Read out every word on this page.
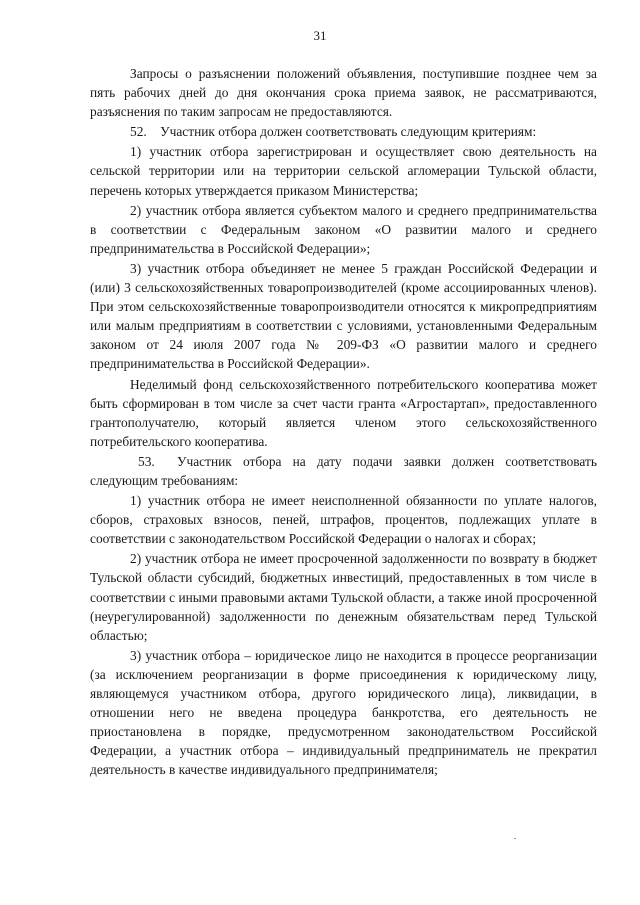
31

Запросы о разъяснении положений объявления, поступившие позднее чем за пять рабочих дней до дня окончания срока приема заявок, не рассматриваются, разъяснения по таким запросам не предоставляются.

52.    Участник отбора должен соответствовать следующим критериям:

1) участник отбора зарегистрирован и осуществляет свою деятельность на сельской территории или на территории сельской агломерации Тульской области, перечень которых утверждается приказом Министерства;

2) участник отбора является субъектом малого и среднего предпринимательства в соответствии с Федеральным законом «О развитии малого и среднего предпринимательства в Российской Федерации»;

3) участник отбора объединяет не менее 5 граждан Российской Федерации и (или) 3 сельскохозяйственных товаропроизводителей (кроме ассоциированных членов). При этом сельскохозяйственные товаропроизводители относятся к микропредприятиям или малым предприятиям в соответствии с условиями, установленными Федеральным законом от 24 июля 2007 года № 209-ФЗ «О развитии малого и среднего предпринимательства в Российской Федерации».

Неделимый фонд сельскохозяйственного потребительского кооператива может быть сформирован в том числе за счет части гранта «Агростартап», предоставленного грантополучателю, который является членом этого сельскохозяйственного потребительского кооператива.

53.  Участник отбора на дату подачи заявки должен соответствовать следующим требованиям:

1) участник отбора не имеет неисполненной обязанности по уплате налогов, сборов, страховых взносов, пеней, штрафов, процентов, подлежащих уплате в соответствии с законодательством Российской Федерации о налогах и сборах;

2) участник отбора не имеет просроченной задолженности по возврату в бюджет Тульской области субсидий, бюджетных инвестиций, предоставленных в том числе в соответствии с иными правовыми актами Тульской области, а также иной просроченной (неурегулированной) задолженности по денежным обязательствам перед Тульской областью;

3) участник отбора – юридическое лицо не находится в процессе реорганизации (за исключением реорганизации в форме присоединения к юридическому лицу, являющемуся участником отбора, другого юридического лица), ликвидации, в отношении него не введена процедура банкротства, его деятельность не приостановлена в порядке, предусмотренном законодательством Российской Федерации, а участник отбора – индивидуальный предприниматель не прекратил деятельность в качестве индивидуального предпринимателя;
